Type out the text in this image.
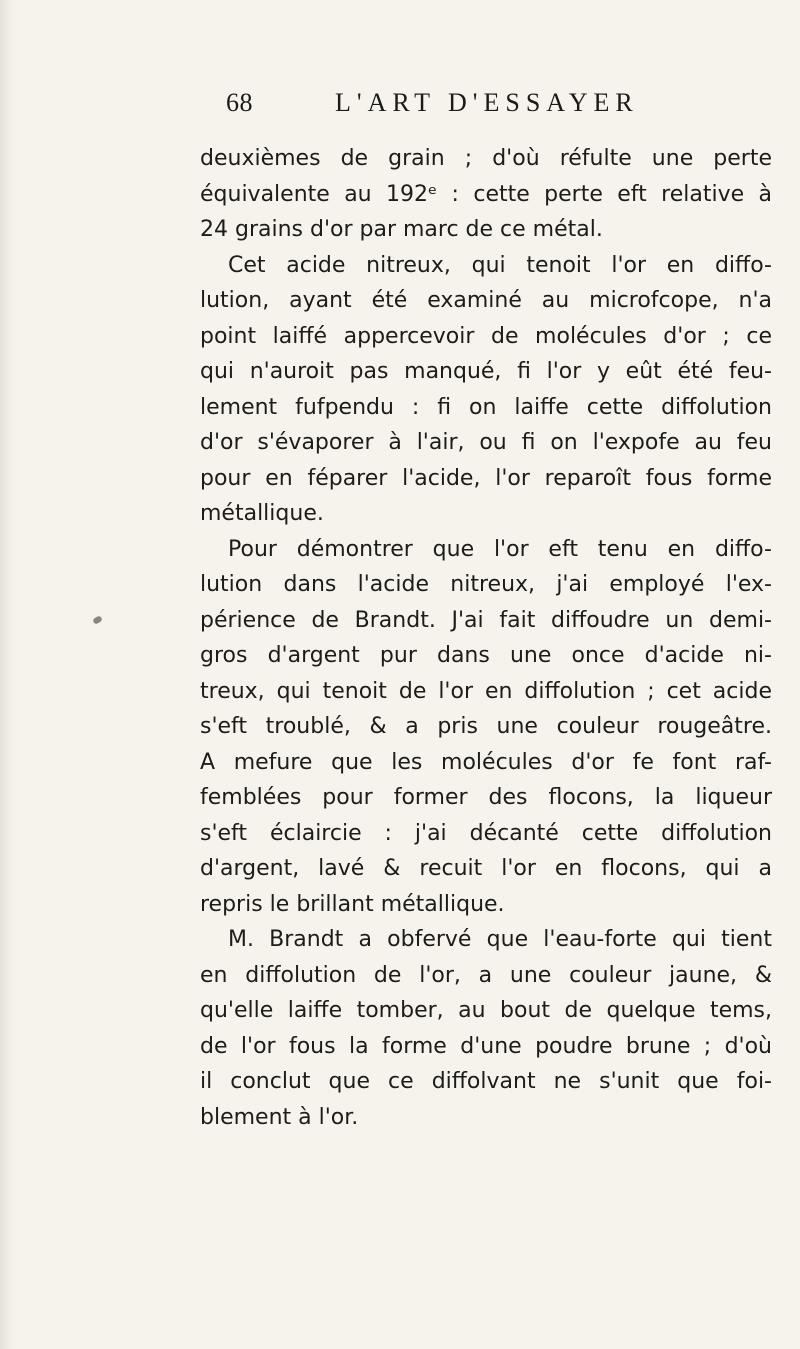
68	L'ART D'ESSAYER
deuxièmes de grain ; d'où réfulte une perte
équivalente au 192ᵉ : cette perte eft relative à
24 grains d'or par marc de ce métal.
Cet acide nitreux, qui tenoit l'or en diffo-
lution, ayant été examiné au microfcope, n'a
point laiffé appercevoir de molécules d'or ; ce
qui n'auroit pas manqué, fi l'or y eût été feu-
lement fufpendu : fi on laiffe cette diffolution
d'or s'évaporer à l'air, ou fi on l'expofe au feu
pour en féparer l'acide, l'or reparoît fous forme
métallique.
Pour démontrer que l'or eft tenu en diffo-
lution dans l'acide nitreux, j'ai employé l'ex-
périence de Brandt. J'ai fait diffoudre un demi-
gros d'argent pur dans une once d'acide ni-
treux, qui tenoit de l'or en diffolution ; cet acide
s'eft troublé, & a pris une couleur rougeâtre.
A mefure que les molécules d'or fe font raf-
femblées pour former des flocons, la liqueur
s'eft éclaircie : j'ai décanté cette diffolution
d'argent, lavé & recuit l'or en flocons, qui a
repris le brillant métallique.
M. Brandt a obfervé que l'eau-forte qui tient
en diffolution de l'or, a une couleur jaune, &
qu'elle laiffe tomber, au bout de quelque tems,
de l'or fous la forme d'une poudre brune ; d'où
il conclut que ce diffolvant ne s'unit que foi-
blement à l'or.
